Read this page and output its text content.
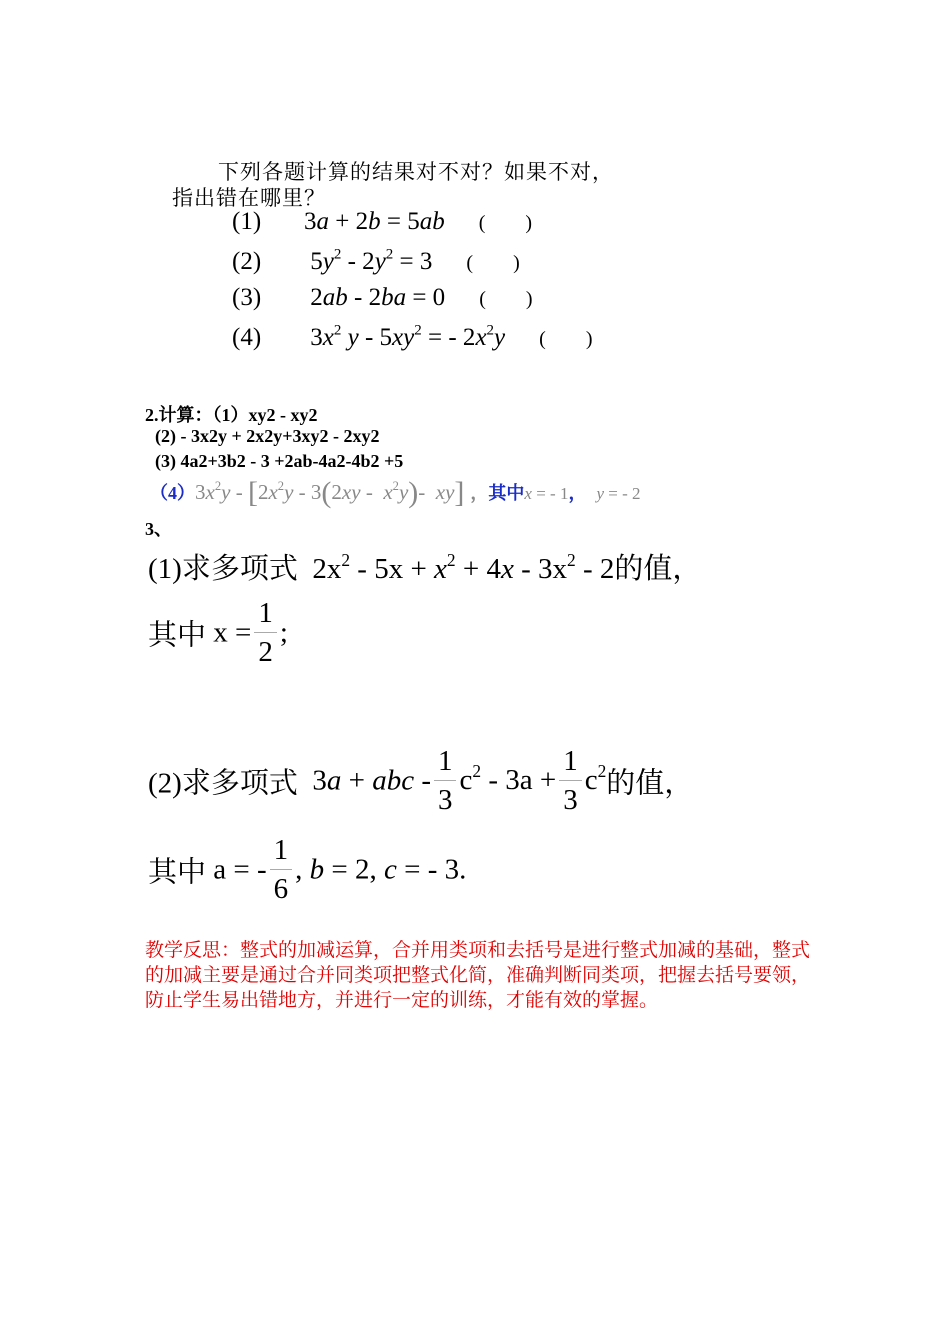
下列各题计算的结果对不对？如果不对，
指出错在哪里？
(1) 3a + 2b = 5ab (　　)
(2) $5y^2 - 2y^2 = 3$ (　　)
(3) 2ab - 2ba = 0 (　　)
(4) $3x^2$ y - $5xy^2$ = - $2x^2y$ (　　)
2.计算：（1）xy2 - xy2
(2) - 3x2y + 2x2y+3xy2 - 2xy2
(3) 4a2+3b2 - 3 +2ab-4a2-4b2 +5
$(4)3x^2y - [2x^2y - 3(2xy - x^2y)-$  xy] ，其中x = - 1， y = - 2
3、
(1)求多项式  $2x^2 - 5x + x^2 + 4x - 3x^2 - 2$的值，
其中 $x = \frac{1}{2}$ ;
(2)求多项式  3a + abc - $\frac{1}{3} c^2 - 3a + \frac{1}{3} c^2$的值，
其中 a = - $\frac{1}{6}$ , b = 2, c = - 3.
教学反思：整式的加减运算，合并用类项和去括号是进行整式加减的基础，整式的加减主要是通过合并同类项把整式化简，准确判断同类项，把握去括号要领，防止学生易出错地方，并进行一定的训练，才能有效的掌握。
